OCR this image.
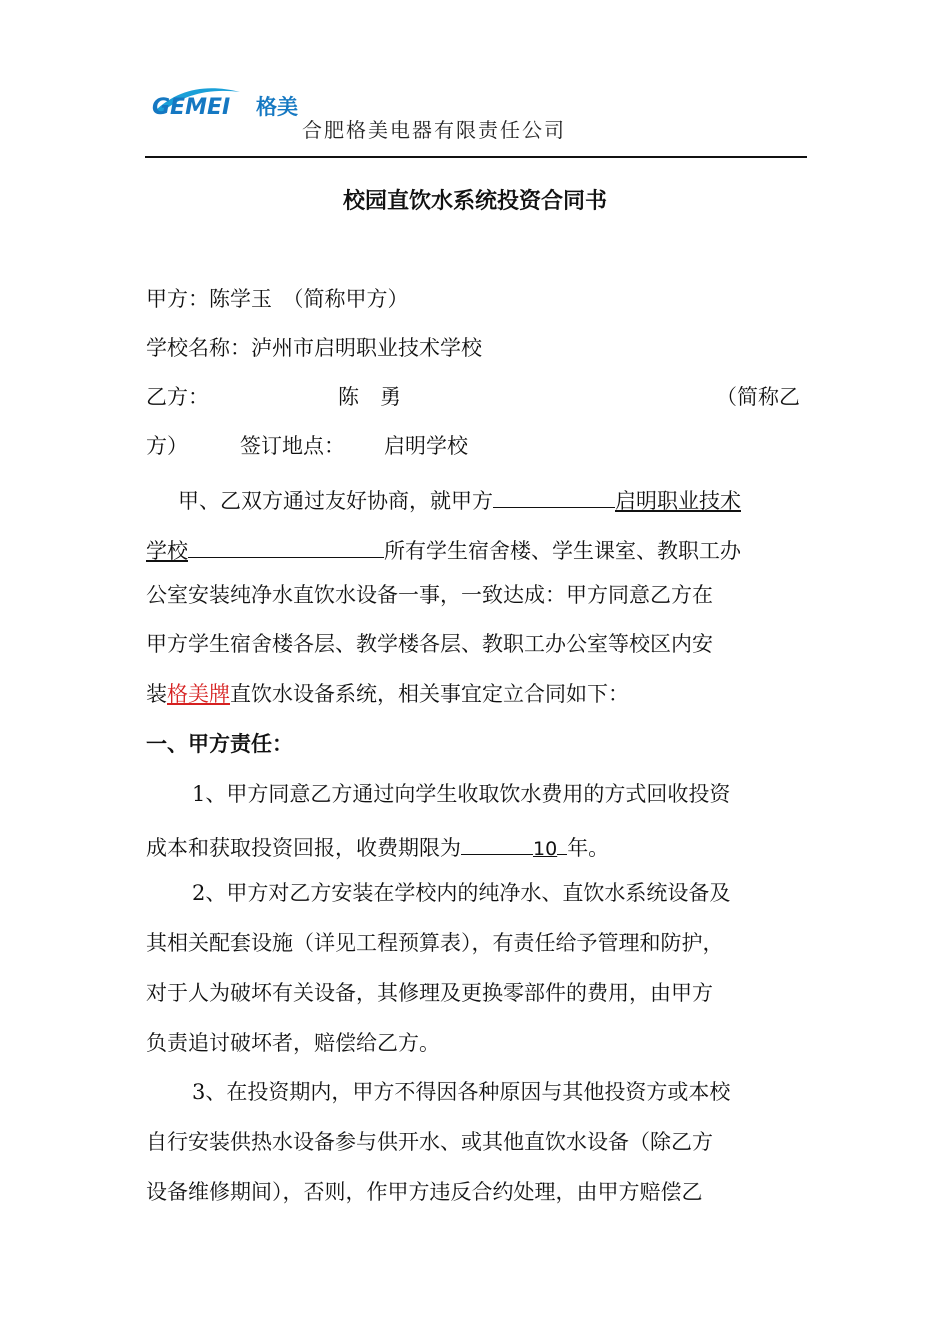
GEMEI 格美
合肥格美电器有限责任公司
校园直饮水系统投资合同书
甲方：陈学玉　（简称甲方）
学校名称：泸州市启明职业技术学校
乙方：	陈　勇	（简称乙
方） 签订地点： 启明学校
甲、乙双方通过友好协商，就甲方	启明职业技术
学校	所有学生宿舍楼、学生课室、教职工办
公室安装纯净水直饮水设备一事，一致达成：甲方同意乙方在
甲方学生宿舍楼各层、教学楼各层、教职工办公室等校区内安
装格美牌直饮水设备系统，相关事宜定立合同如下：
一、甲方责任：
1、甲方同意乙方通过向学生收取饮水费用的方式回收投资
成本和获取投资回报，收费期限为	10 年。
2、甲方对乙方安装在学校内的纯净水、直饮水系统设备及
其相关配套设施（详见工程预算表），有责任给予管理和防护，
对于人为破坏有关设备，其修理及更换零部件的费用，由甲方
负责追讨破坏者，赔偿给乙方。
3、在投资期内，甲方不得因各种原因与其他投资方或本校
自行安装供热水设备参与供开水、或其他直饮水设备（除乙方
设备维修期间），否则，作甲方违反合约处理，由甲方赔偿乙
